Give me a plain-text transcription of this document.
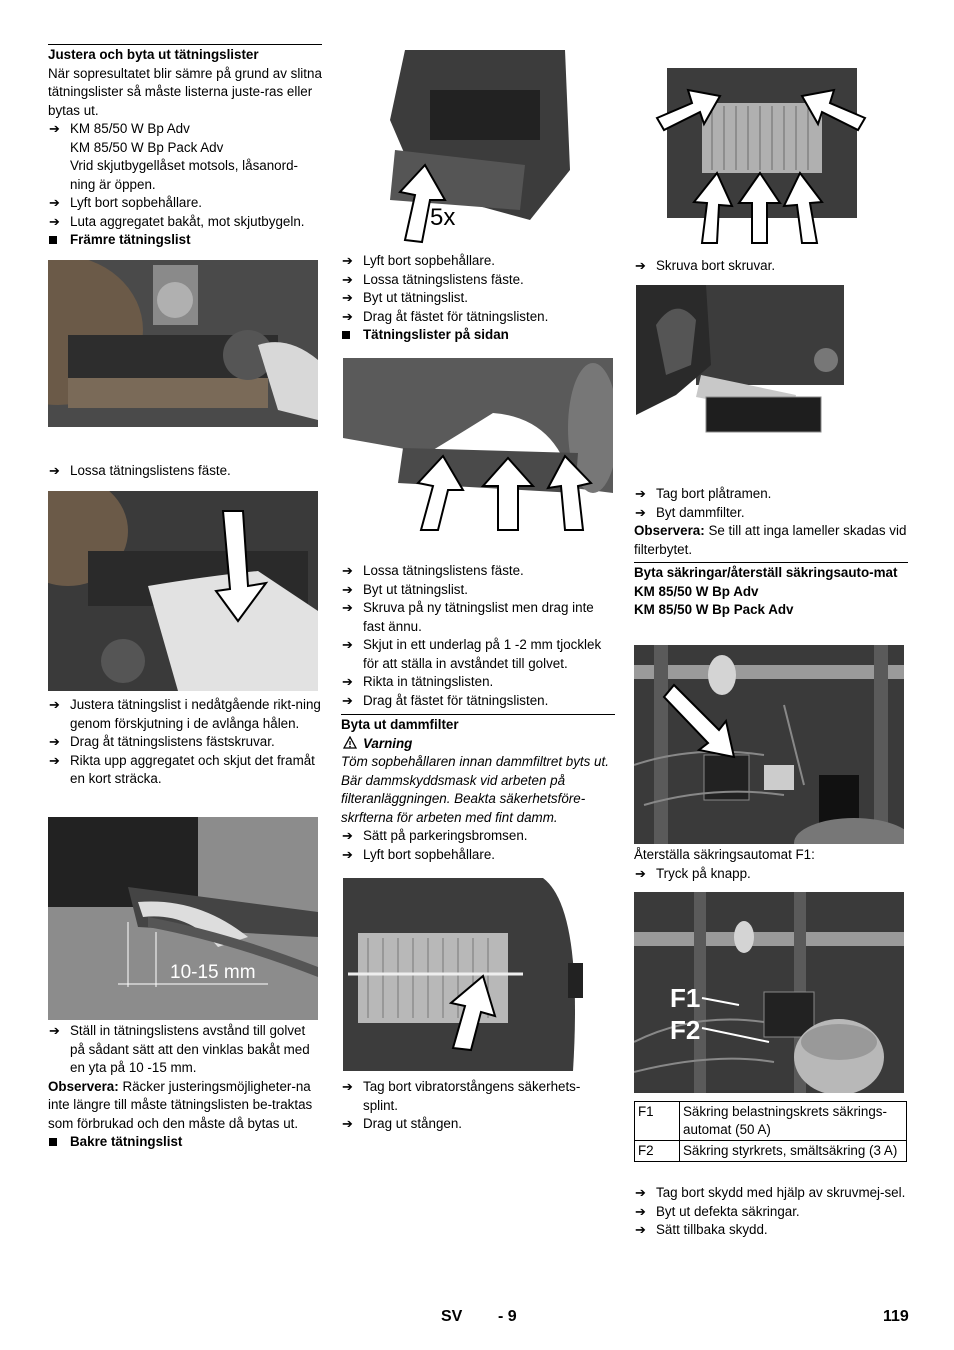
Justera och byta ut tätningslister

När sopresultatet blir sämre på grund av slitna tätningslister så måste listerna juste-ras eller bytas ut.

➔ KM 85/50 W Bp Adv
KM 85/50 W Bp Pack Adv
Vrid skjutbygellåset motsols, låsanord-ning är öppen.
➔ Lyft bort sopbehållare.
➔ Luta aggregatet bakåt, mot skjutbygeln.
Främre tätningslist
➔ Lossa tätningslistens fäste.
➔ Justera tätningslist i nedåtgående rikt-ning genom förskjutning i de avlånga hålen.
➔ Drag åt tätningslistens fästskruvar.
➔ Rikta upp aggregatet och skjut det framåt en kort sträcka.
10-15 mm
➔ Ställ in tätningslistens avstånd till golvet på sådant sätt att den vinklas bakåt med en yta på 10 -15 mm.

Observera: Räcker justeringsmöjligheter-na inte längre till måste tätningslisten be-traktas som förbrukad och den måste då bytas ut.

Bakre tätningslist
5x
➔ Lyft bort sopbehållare.
➔ Lossa tätningslistens fäste.
➔ Byt ut tätningslist.
➔ Drag åt fästet för tätningslisten.
Tätningslister på sidan
➔ Lossa tätningslistens fäste.
➔ Byt ut tätningslist.
➔ Skruva på ny tätningslist men drag inte fast ännu.
➔ Skjut in ett underlag på 1 -2 mm tjocklek för att ställa in avståndet till golvet.
➔ Rikta in tätningslisten.
➔ Drag åt fästet för tätningslisten.
Byta ut dammfilter
Varning

Töm sopbehållaren innan dammfiltret byts ut. Bär dammskyddsmask vid arbeten på filteranläggningen. Beakta säkerhetsföre-skrfterna för arbeten med fint damm.

➔ Sätt på parkeringsbromsen.
➔ Lyft bort sopbehållare.
➔ Tag bort vibratorstångens säkerhets-splint.
➔ Drag ut stången.
➔ Skruva bort skruvar.
➔ Tag bort plåtramen.
➔ Byt dammfilter.

Observera: Se till att inga lameller skadas vid filterbytet.

Byta säkringar/återställ säkringsauto-mat
KM 85/50 W Bp Adv
KM 85/50 W Bp Pack Adv

Återställa säkringsautomat F1:

➔ Tryck på knapp.
F1
F2
F1	Säkring belastningskrets säkrings-automat (50 A)
F2	Säkring styrkrets, smältsäkring (3 A)
➔ Tag bort skydd med hjälp av skruvmej-sel.
➔ Byt ut defekta säkringar.
➔ Sätt tillbaka skydd.
SV - 9	119
